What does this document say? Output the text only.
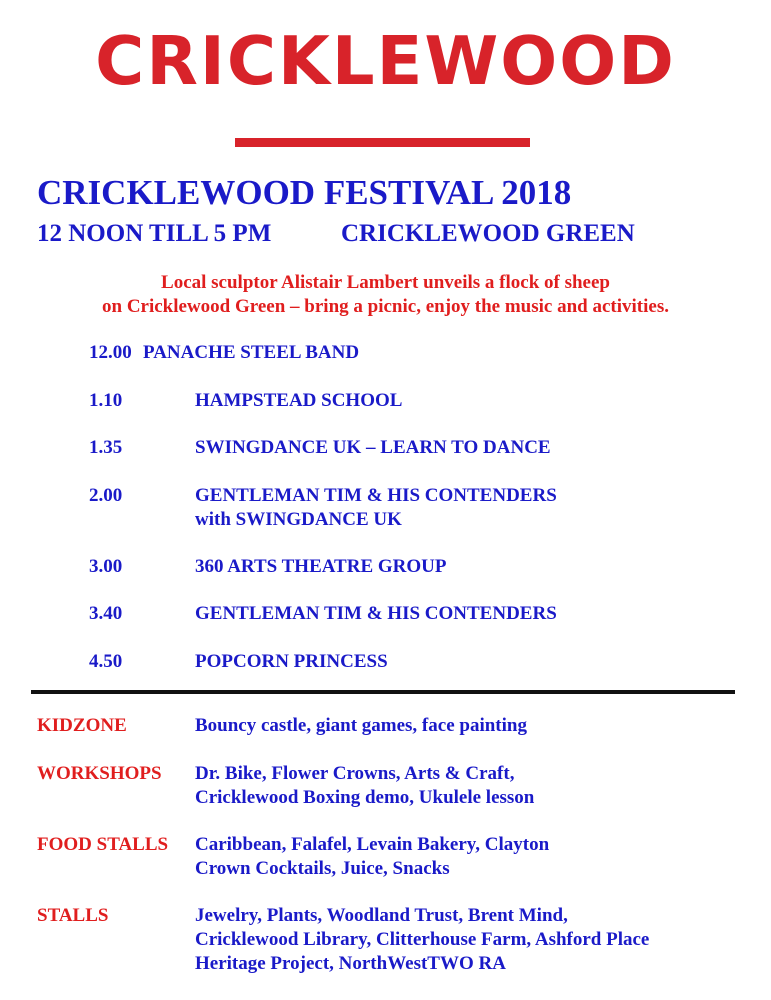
CRICKLEWOOD
CRICKLEWOOD FESTIVAL 2018
12 NOON TILL 5 PM	CRICKLEWOOD GREEN
Local sculptor Alistair Lambert unveils a flock of sheep
on Cricklewood Green – bring a picnic, enjoy the music and activities.
12.00 PANACHE STEEL BAND
1.10	HAMPSTEAD SCHOOL
1.35	SWINGDANCE UK – LEARN TO DANCE
2.00	GENTLEMAN TIM & HIS CONTENDERS
with SWINGDANCE UK
3.00	360 ARTS THEATRE GROUP
3.40	GENTLEMAN TIM & HIS CONTENDERS
4.50	POPCORN PRINCESS
KIDZONE	Bouncy castle, giant games, face painting
WORKSHOPS Dr. Bike, Flower Crowns, Arts & Craft,
Cricklewood Boxing demo, Ukulele lesson
FOOD STALLS Caribbean, Falafel, Levain Bakery, Clayton
Crown Cocktails, Juice, Snacks
STALLS	Jewelry, Plants, Woodland Trust, Brent Mind,
Cricklewood Library, Clitterhouse Farm, Ashford Place
Heritage Project, NorthWestTWO RA
